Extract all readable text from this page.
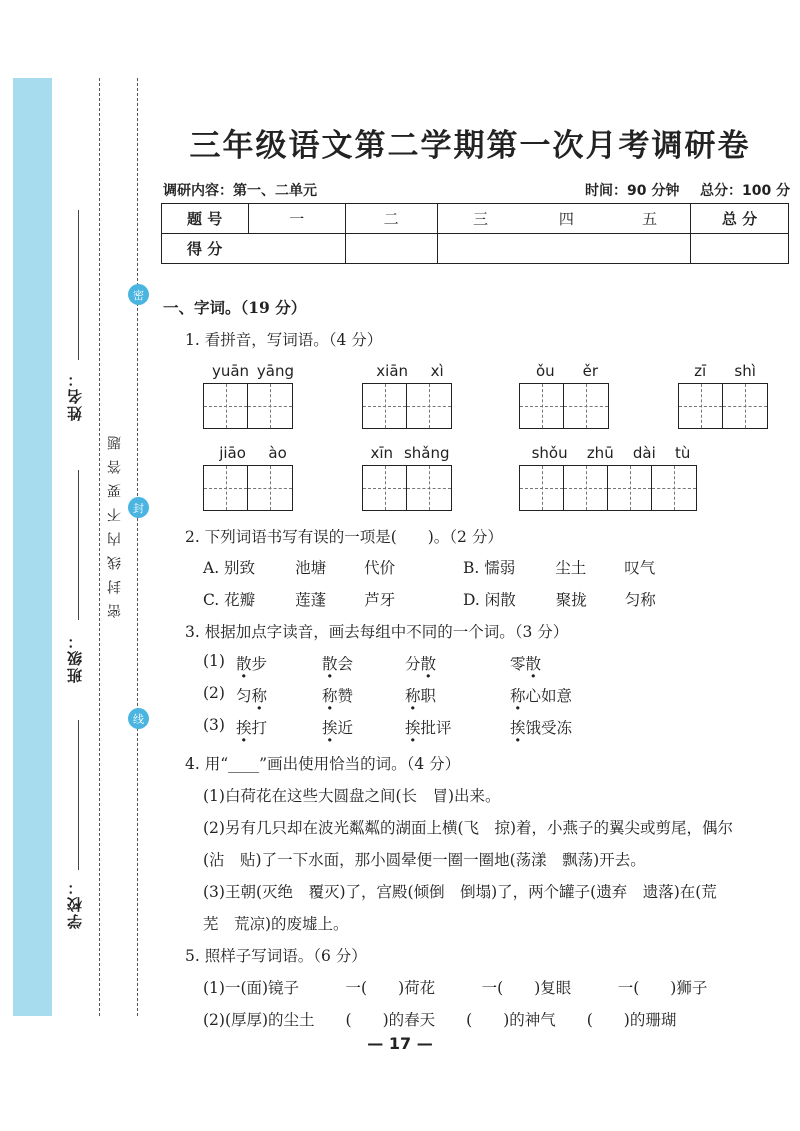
密
封
线
密封线内不要答题
姓名：
班级：
学校：
三年级语文第二学期第一次月考调研卷
调研内容：第一、二单元	时间：90 分钟 总分：100 分
题 号	一	二	三	四	五	总 分
得 分						
一、字词。（19 分）
1. 看拼音，写词语。（4 分）
yuān yāng	xiān xì	ǒu ěr	zī shì
jiāo ào	xīn shǎng	shǒu zhū dài tù
2. 下列词语书写有误的一项是(　　)。（2 分）
A. 别致	池塘 代价	B. 懦弱	尘土 叹气
C. 花瓣	莲蓬 芦牙	D. 闲散	聚拢 匀称
3. 根据加点字读音，画去每组中不同的一个词。（3 分）
(1) 散步	散会	分散	零散
(2) 匀称	称赞	称职	称心如意
(3) 挨打	挨近	挨批评	挨饿受冻
4. 用“____”画出使用恰当的词。（4 分）
(1)白荷花在这些大圆盘之间(长　冒)出来。
(2)另有几只却在波光粼粼的湖面上横(飞　掠)着，小燕子的翼尖或剪尾，偶尔
(沾　贴)了一下水面，那小圆晕便一圈一圈地(荡漾　飘荡)开去。
(3)王朝(灭绝　覆灭)了，宫殿(倾倒　倒塌)了，两个罐子(遗弃　遗落)在(荒
芜　荒凉)的废墟上。
5. 照样子写词语。（6 分）
(1)一(面)镜子　　　一(　　)荷花　　　一(　　)复眼　　　一(　　)狮子
(2)(厚厚)的尘土　　(　　)的春天　　(　　)的神气　　(　　)的珊瑚
— 17 —
